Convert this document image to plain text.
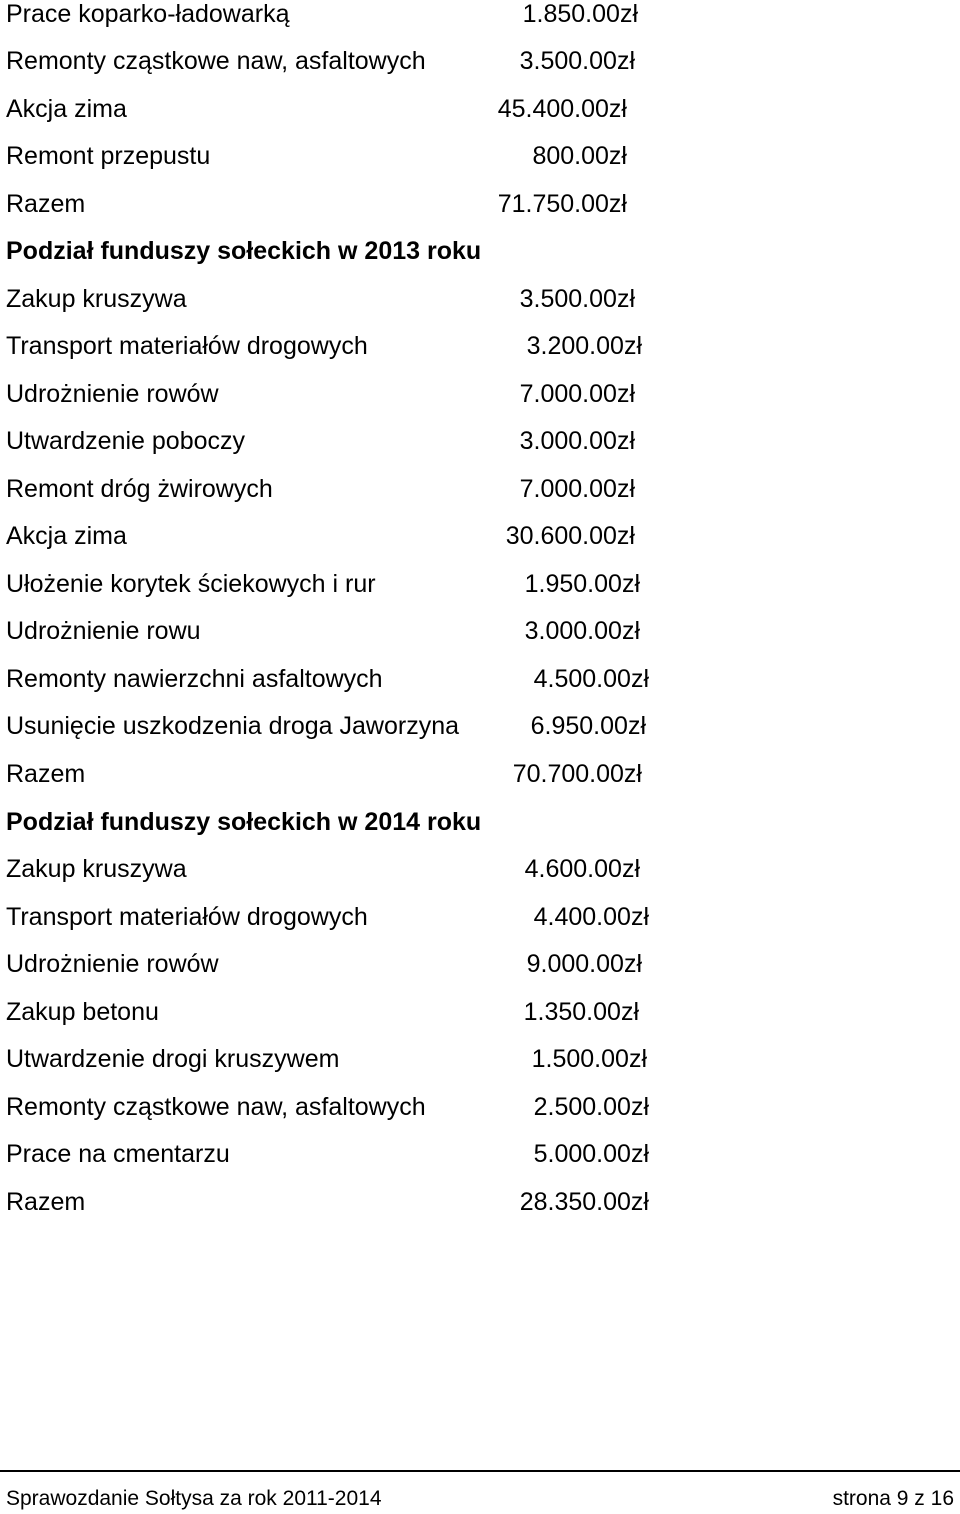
Prace koparko-ładowarką	1.850.00zł
Remonty cząstkowe naw, asfaltowych	3.500.00zł
Akcja zima	45.400.00zł
Remont przepustu	800.00zł
Razem	71.750.00zł
Podział funduszy sołeckich w 2013 roku
Zakup kruszywa	3.500.00zł
Transport materiałów drogowych	3.200.00zł
Udrożnienie rowów	7.000.00zł
Utwardzenie poboczy	3.000.00zł
Remont dróg żwirowych	7.000.00zł
Akcja zima	30.600.00zł
Ułożenie korytek ściekowych i rur	1.950.00zł
Udrożnienie rowu	3.000.00zł
Remonty nawierzchni asfaltowych	4.500.00zł
Usunięcie uszkodzenia droga Jaworzyna	6.950.00zł
Razem	70.700.00zł
Podział funduszy sołeckich w 2014 roku
Zakup kruszywa	4.600.00zł
Transport materiałów drogowych	4.400.00zł
Udrożnienie rowów	9.000.00zł
Zakup betonu	1.350.00zł
Utwardzenie drogi kruszywem	1.500.00zł
Remonty cząstkowe naw, asfaltowych	2.500.00zł
Prace na cmentarzu	5.000.00zł
Razem	28.350.00zł
Sprawozdanie Sołtysa za rok 2011-2014	strona 9 z 16
